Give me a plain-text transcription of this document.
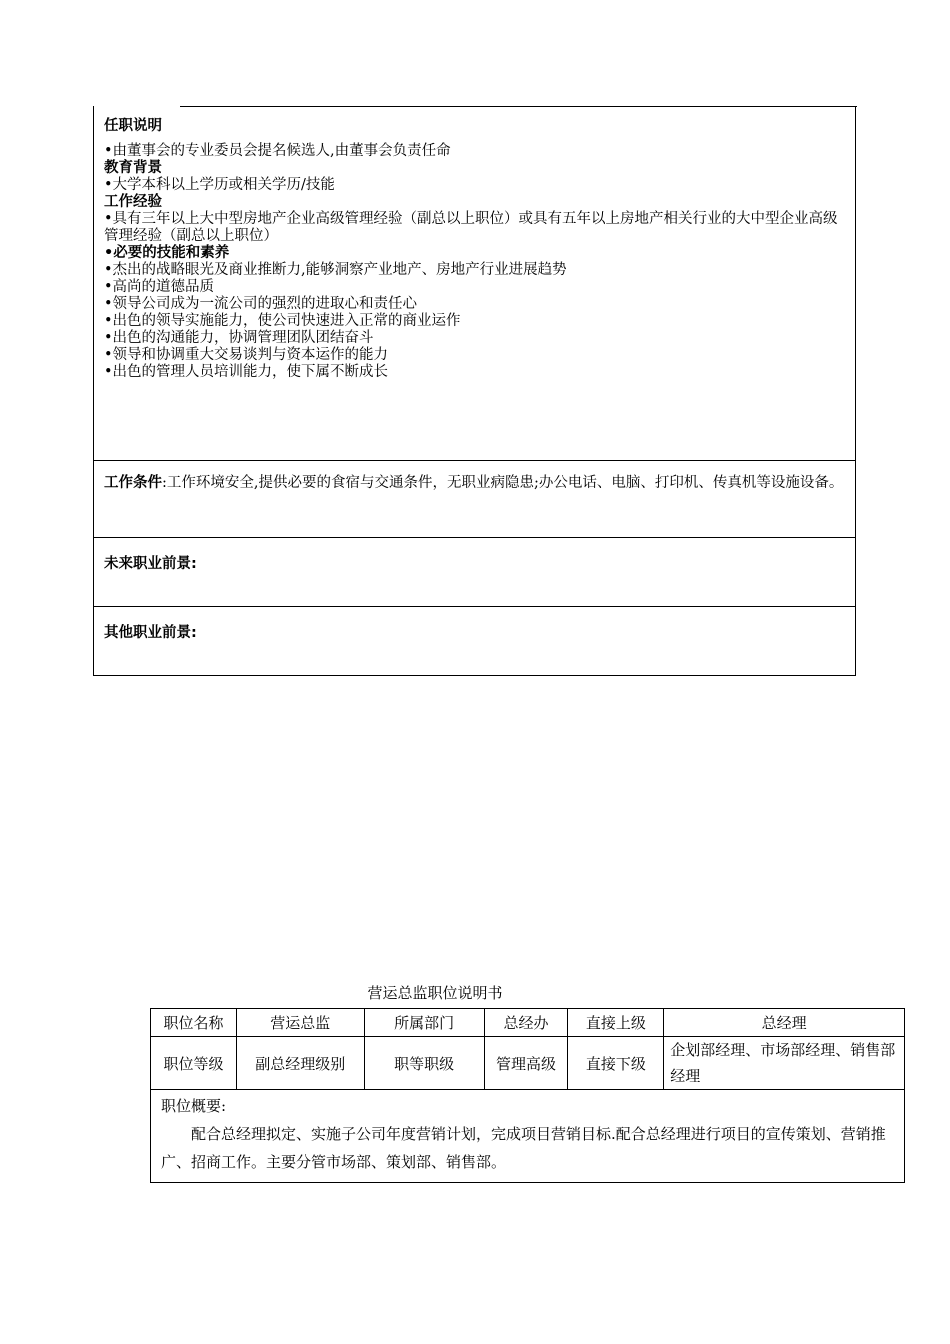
任职说明
•由董事会的专业委员会提名候选人,由董事会负责任命
教育背景
•大学本科以上学历或相关学历/技能
工作经验
•具有三年以上大中型房地产企业高级管理经验（副总以上职位）或具有五年以上房地产相关行业的大中型企业高级管理经验（副总以上职位）
•必要的技能和素养
•杰出的战略眼光及商业推断力,能够洞察产业地产、房地产行业进展趋势
•高尚的道德品质
•领导公司成为一流公司的强烈的进取心和责任心
•出色的领导实施能力，使公司快速进入正常的商业运作
•出色的沟通能力，协调管理团队团结奋斗
•领导和协调重大交易谈判与资本运作的能力
•出色的管理人员培训能力，使下属不断成长

工作条件:工作环境安全,提供必要的食宿与交通条件，无职业病隐患;办公电话、电脑、打印机、传真机等设施设备。
未来职业前景:
其他职业前景:
营运总监职位说明书
职位名称	营运总监	所属部门	总经办	直接上级	总经理
职位等级	副总经理级别	职等职级	管理高级	直接下级	企划部经理、市场部经理、销售部经理

职位概要:
配合总经理拟定、实施子公司年度营销计划，完成项目营销目标.配合总经理进行项目的宣传策划、营销推广、招商工作。主要分管市场部、策划部、销售部。					
